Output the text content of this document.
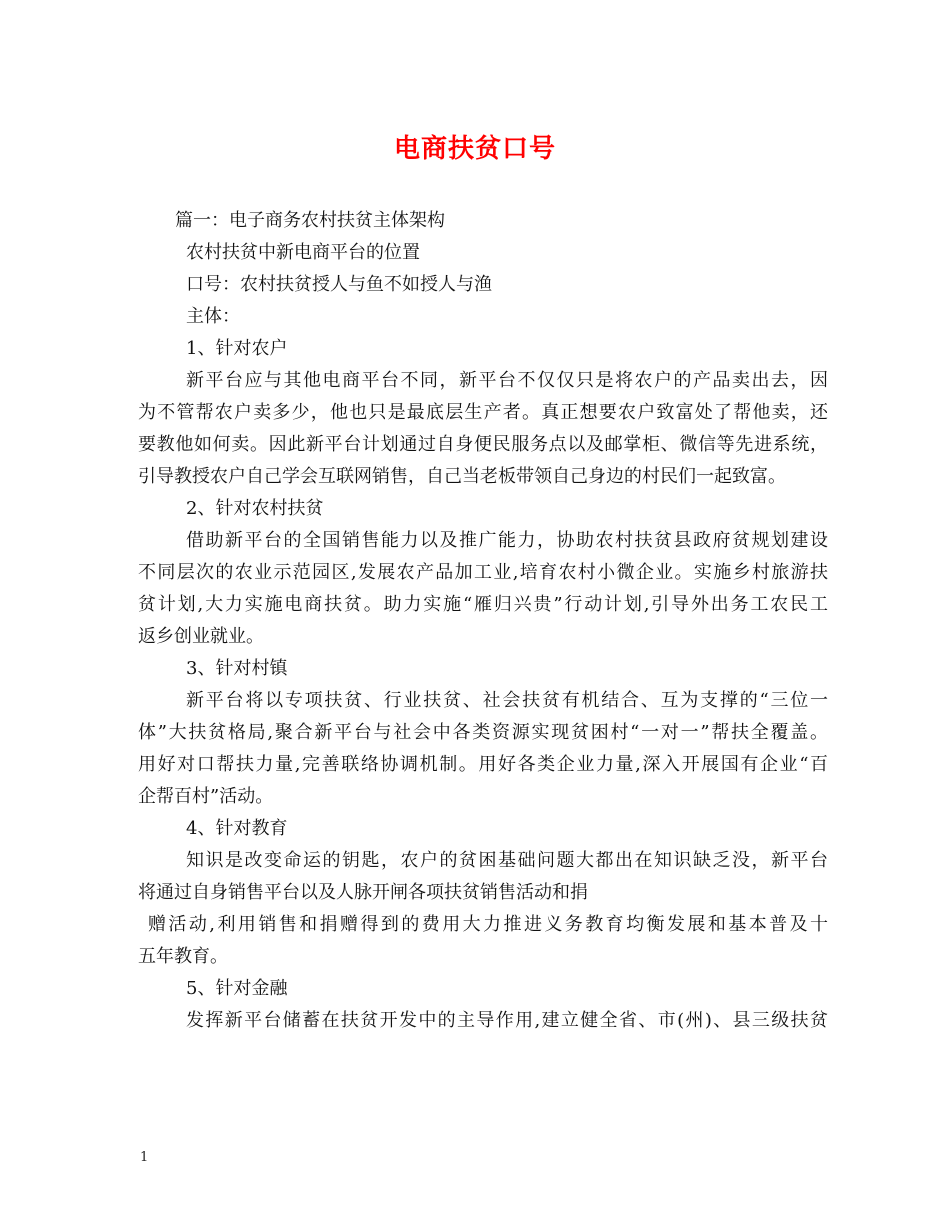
电商扶贫口号
篇一：电子商务农村扶贫主体架构
农村扶贫中新电商平台的位置
口号：农村扶贫授人与鱼不如授人与渔
主体：
1、针对农户
新平台应与其他电商平台不同，新平台不仅仅只是将农户的产品卖出去，因
为不管帮农户卖多少，他也只是最底层生产者。真正想要农户致富处了帮他卖，还
要教他如何卖。因此新平台计划通过自身便民服务点以及邮掌柜、微信等先进系统，
引导教授农户自己学会互联网销售，自己当老板带领自己身边的村民们一起致富。
2、针对农村扶贫
借助新平台的全国销售能力以及推广能力，协助农村扶贫县政府贫规划建设
不同层次的农业示范园区,发展农产品加工业,培育农村小微企业。实施乡村旅游扶
贫计划,大力实施电商扶贫。助力实施“雁归兴贵”行动计划,引导外出务工农民工
返乡创业就业。
3、针对村镇
新平台将以专项扶贫、行业扶贫、社会扶贫有机结合、互为支撑的“三位一
体”大扶贫格局,聚合新平台与社会中各类资源实现贫困村“一对一”帮扶全覆盖。
用好对口帮扶力量,完善联络协调机制。用好各类企业力量,深入开展国有企业“百
企帮百村”活动。
4、针对教育
知识是改变命运的钥匙，农户的贫困基础问题大都出在知识缺乏没，新平台
将通过自身销售平台以及人脉开闸各项扶贫销售活动和捐
赠活动,利用销售和捐赠得到的费用大力推进义务教育均衡发展和基本普及十
五年教育。
5、针对金融
发挥新平台储蓄在扶贫开发中的主导作用,建立健全省、市(州)、县三级扶贫
1
